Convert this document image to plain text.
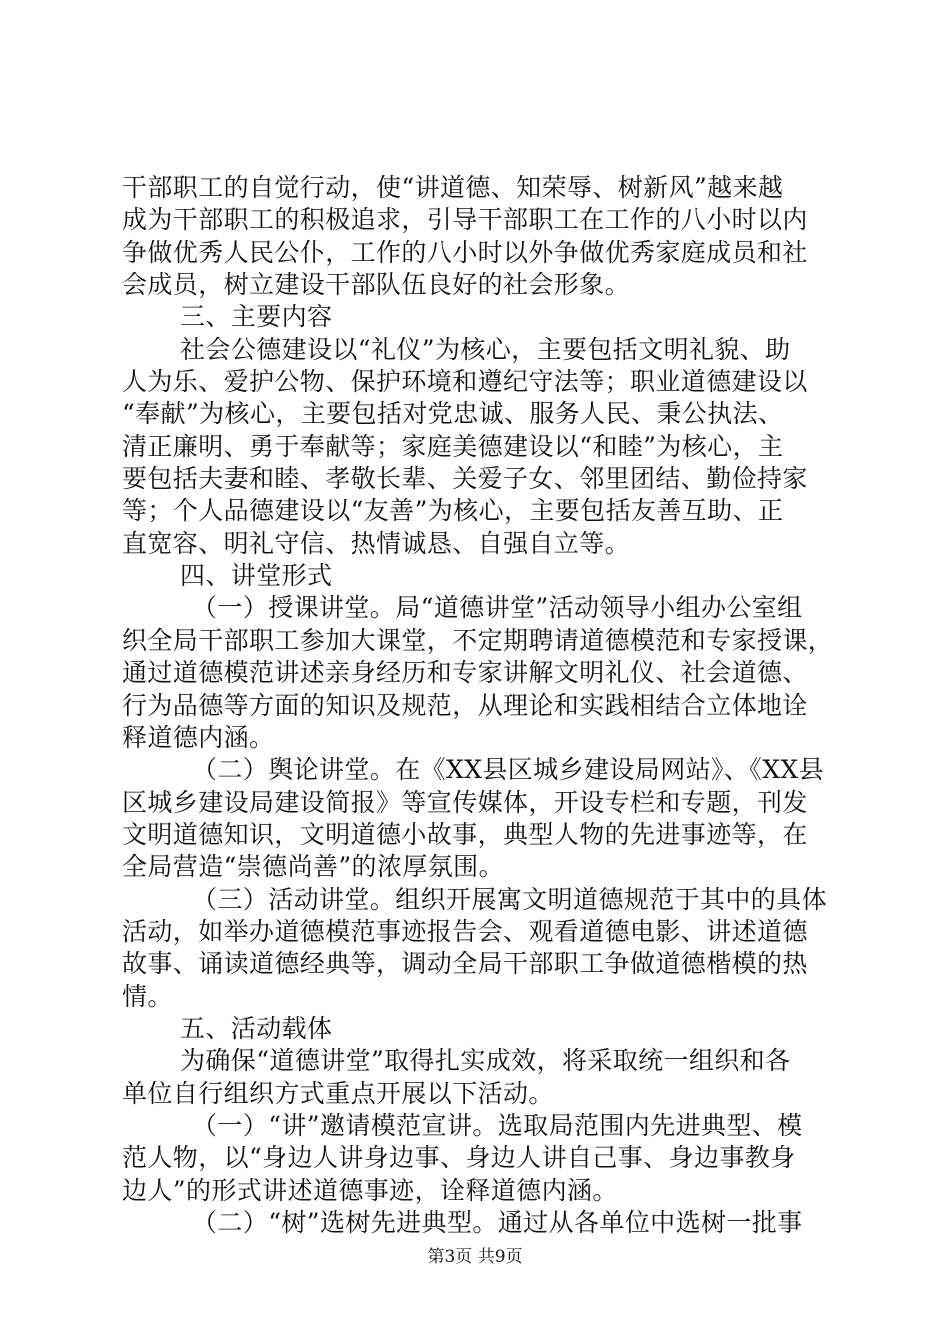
干部职工的自觉行动，使“讲道德、知荣辱、树新风”越来越
成为干部职工的积极追求，引导干部职工在工作的八小时以内
争做优秀人民公仆，工作的八小时以外争做优秀家庭成员和社
会成员，树立建设干部队伍良好的社会形象。
三、主要内容
社会公德建设以“礼仪”为核心，主要包括文明礼貌、助
人为乐、爱护公物、保护环境和遵纪守法等；职业道德建设以
“奉献”为核心，主要包括对党忠诚、服务人民、秉公执法、
清正廉明、勇于奉献等；家庭美德建设以“和睦”为核心，主
要包括夫妻和睦、孝敬长辈、关爱子女、邻里团结、勤俭持家
等；个人品德建设以“友善”为核心，主要包括友善互助、正
直宽容、明礼守信、热情诚恳、自强自立等。
四、讲堂形式
（一）授课讲堂。局“道德讲堂”活动领导小组办公室组
织全局干部职工参加大课堂，不定期聘请道德模范和专家授课，
通过道德模范讲述亲身经历和专家讲解文明礼仪、社会道德、
行为品德等方面的知识及规范，从理论和实践相结合立体地诠
释道德内涵。
（二）舆论讲堂。在《XX县区城乡建设局网站》、《XX县
区城乡建设局建设简报》等宣传媒体，开设专栏和专题，刊发
文明道德知识，文明道德小故事，典型人物的先进事迹等，在
全局营造“崇德尚善”的浓厚氛围。
（三）活动讲堂。组织开展寓文明道德规范于其中的具体
活动，如举办道德模范事迹报告会、观看道德电影、讲述道德
故事、诵读道德经典等，调动全局干部职工争做道德楷模的热
情。
五、活动载体
为确保“道德讲堂”取得扎实成效，将采取统一组织和各
单位自行组织方式重点开展以下活动。
（一）“讲”邀请模范宣讲。选取局范围内先进典型、模
范人物，以“身边人讲身边事、身边人讲自己事、身边事教身
边人”的形式讲述道德事迹，诠释道德内涵。
（二）“树”选树先进典型。通过从各单位中选树一批事
第3页 共9页
